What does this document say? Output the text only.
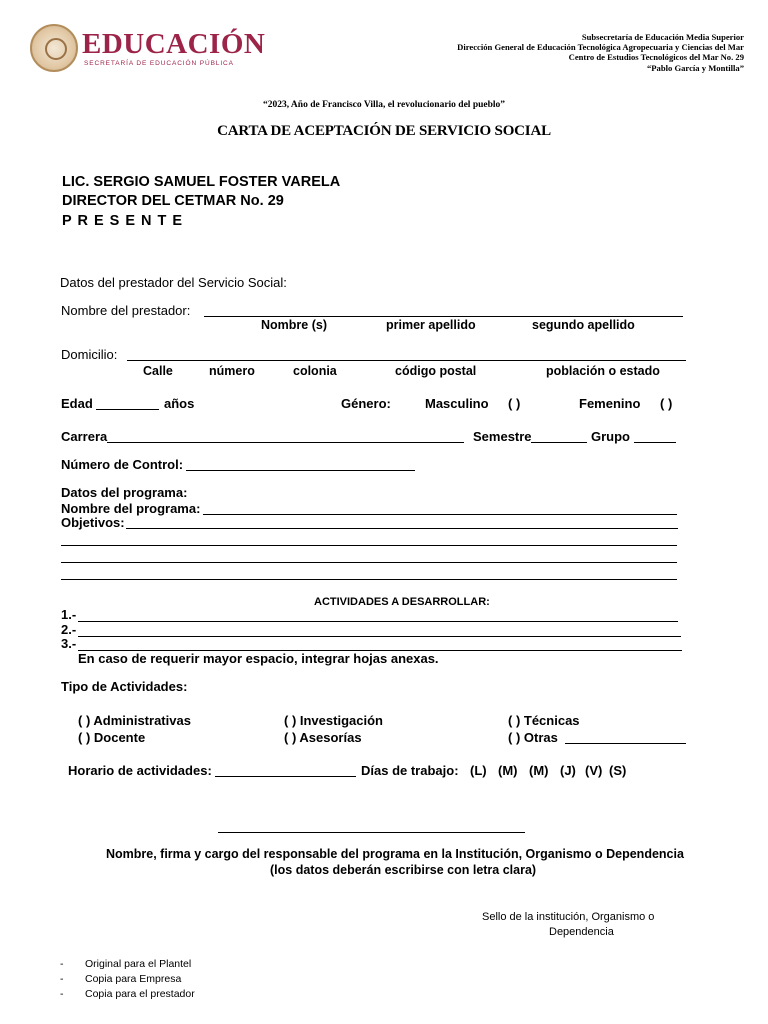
EDUCACIÓN
SECRETARÍA DE EDUCACIÓN PÚBLICA
Subsecretaría de Educación Media Superior
Dirección General de Educación Tecnológica Agropecuaria y Ciencias del Mar
Centro de Estudios Tecnológicos del Mar No. 29
“Pablo García y Montilla”
“2023, Año de Francisco Villa, el revolucionario del pueblo”
CARTA DE ACEPTACIÓN DE SERVICIO SOCIAL
LIC. SERGIO SAMUEL FOSTER VARELA
DIRECTOR DEL CETMAR No. 29
P R E S E N T E
Datos del prestador del Servicio Social:
Nombre del prestador:
Nombre (s)	primer apellido	segundo apellido
Domicilio:
Calle	número	colonia	código postal	población o estado
Edad	años	Género:	Masculino ( )	Femenino ( )
Carrera	Semestre	Grupo
Número de Control:
Datos del programa:
Nombre del programa:
Objetivos:
ACTIVIDADES A DESARROLLAR:
1.-
2.-
3.-
En caso de requerir mayor espacio, integrar hojas anexas.
Tipo de Actividades:
( ) Administrativas	( ) Investigación	( ) Técnicas
( ) Docente	( ) Asesorías	( ) Otras
Horario de actividades:	Días de trabajo: (L) (M) (M) (J) (V) (S)
Nombre, firma y cargo del responsable del programa en la Institución, Organismo o Dependencia
(los datos deberán escribirse con letra clara)
Sello de la institución, Organismo o
Dependencia
- Original para el Plantel
- Copia para Empresa
- Copia para el prestador
